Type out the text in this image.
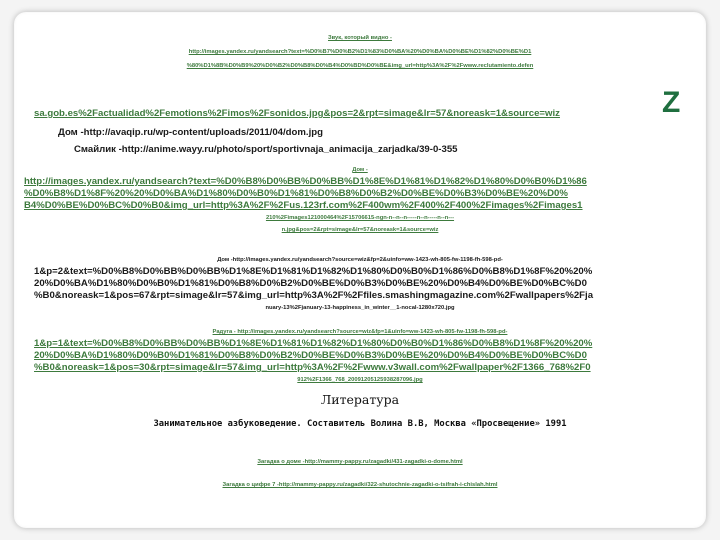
Звук, который видно -
http://images.yandex.ru/yandsearch?text=%D0%B7%D0%B2%D1%83%D0%BA%20%D0%BA%D0%BE%D1%82%D0%BE%D1
%80%D1%8B%D0%B9%20%D0%B2%D0%B8%D0%B4%D0%BD%D0%BE&img_url=http%3A%2F%2Fwww.reclutamiento.defen
sa.gob.es%2Factualidad%2Femotions%2Fimos%2Fsonidos.jpg&pos=2&rpt=simage&lr=57&noreask=1&source=wiz	Z
Дом -http://avaqip.ru/wp-content/uploads/2011/04/dom.jpg
Смайлик -http://anime.wayy.ru/photo/sport/sportivnaja_animacija_zarjadka/39-0-355
Дом -
http://images.yandex.ru/yandsearch?text=%D0%B8%D0%BB%D0%BB%D1%8E%D1%81%D1%82%D1%80%D0%B0%D1%86
%D0%B8%D1%8F%20%20%D0%BA%D1%80%D0%B0%D1%81%D0%B8%D0%B2%D0%BE%D0%B3%D0%BE%20%D0%
B4%D0%BE%D0%BC%D0%B0&img_url=http%3A%2F%2Fus.123rf.com%2F400wm%2F400%2F400%2Fimages%2Fimages1
210%2Fimages121000464%2F15706615-ngn-n--n--n-----n--n-----n--n---
n.jpg&pos=2&rpt=simage&lr=57&noreask=1&source=wiz
Дом -http://images.yandex.ru/yandsearch?source=wiz&fp=2&uinfo=ww-1423-wh-805-fw-1198-fh-598-pd-
1&p=2&text=%D0%B8%D0%BB%D0%BB%D1%8E%D1%81%D1%82%D1%80%D0%B0%D1%86%D0%B8%D1%8F%20%20%
20%D0%BA%D1%80%D0%B0%D1%81%D0%B8%D0%B2%D0%BE%D0%B3%D0%BE%20%D0%B4%D0%BE%D0%BC%D0
%B0&noreask=1&pos=67&rpt=simage&lr=57&img_url=http%3A%2F%2Ffiles.smashingmagazine.com%2Fwallpapers%2Fja
nuary-13%2Fjanuary-13-happiness_in_winter__1-nocal-1280x720.jpg
Радуга - http://images.yandex.ru/yandsearch?source=wiz&fp=1&uinfo=ww-1423-wh-805-fw-1198-fh-598-pd-
1&p=1&text=%D0%B8%D0%BB%D0%BB%D1%8E%D1%81%D1%82%D1%80%D0%B0%D1%86%D0%B8%D1%8F%20%20%
20%D0%BA%D1%80%D0%B0%D1%81%D0%B8%D0%B2%D0%BE%D0%B3%D0%BE%20%D0%B4%D0%BE%D0%BC%D0
%B0&noreask=1&pos=30&rpt=simage&lr=57&img_url=http%3A%2F%2Fwww.v3wall.com%2Fwallpaper%2F1366_768%2F0
912%2F1366_768_20091205125938287096.jpg
Литература
Занимательное азбуковедение. Составитель Волина В.В, Москва «Просвещение» 1991
Загадка о доме -http://mammy-pappy.ru/zagadki/431-zagadki-o-dome.html
Загадка о цифре 7 -http://mammy-pappy.ru/zagadki/322-shutochnie-zagadki-o-tsifrah-i-chislah.html
